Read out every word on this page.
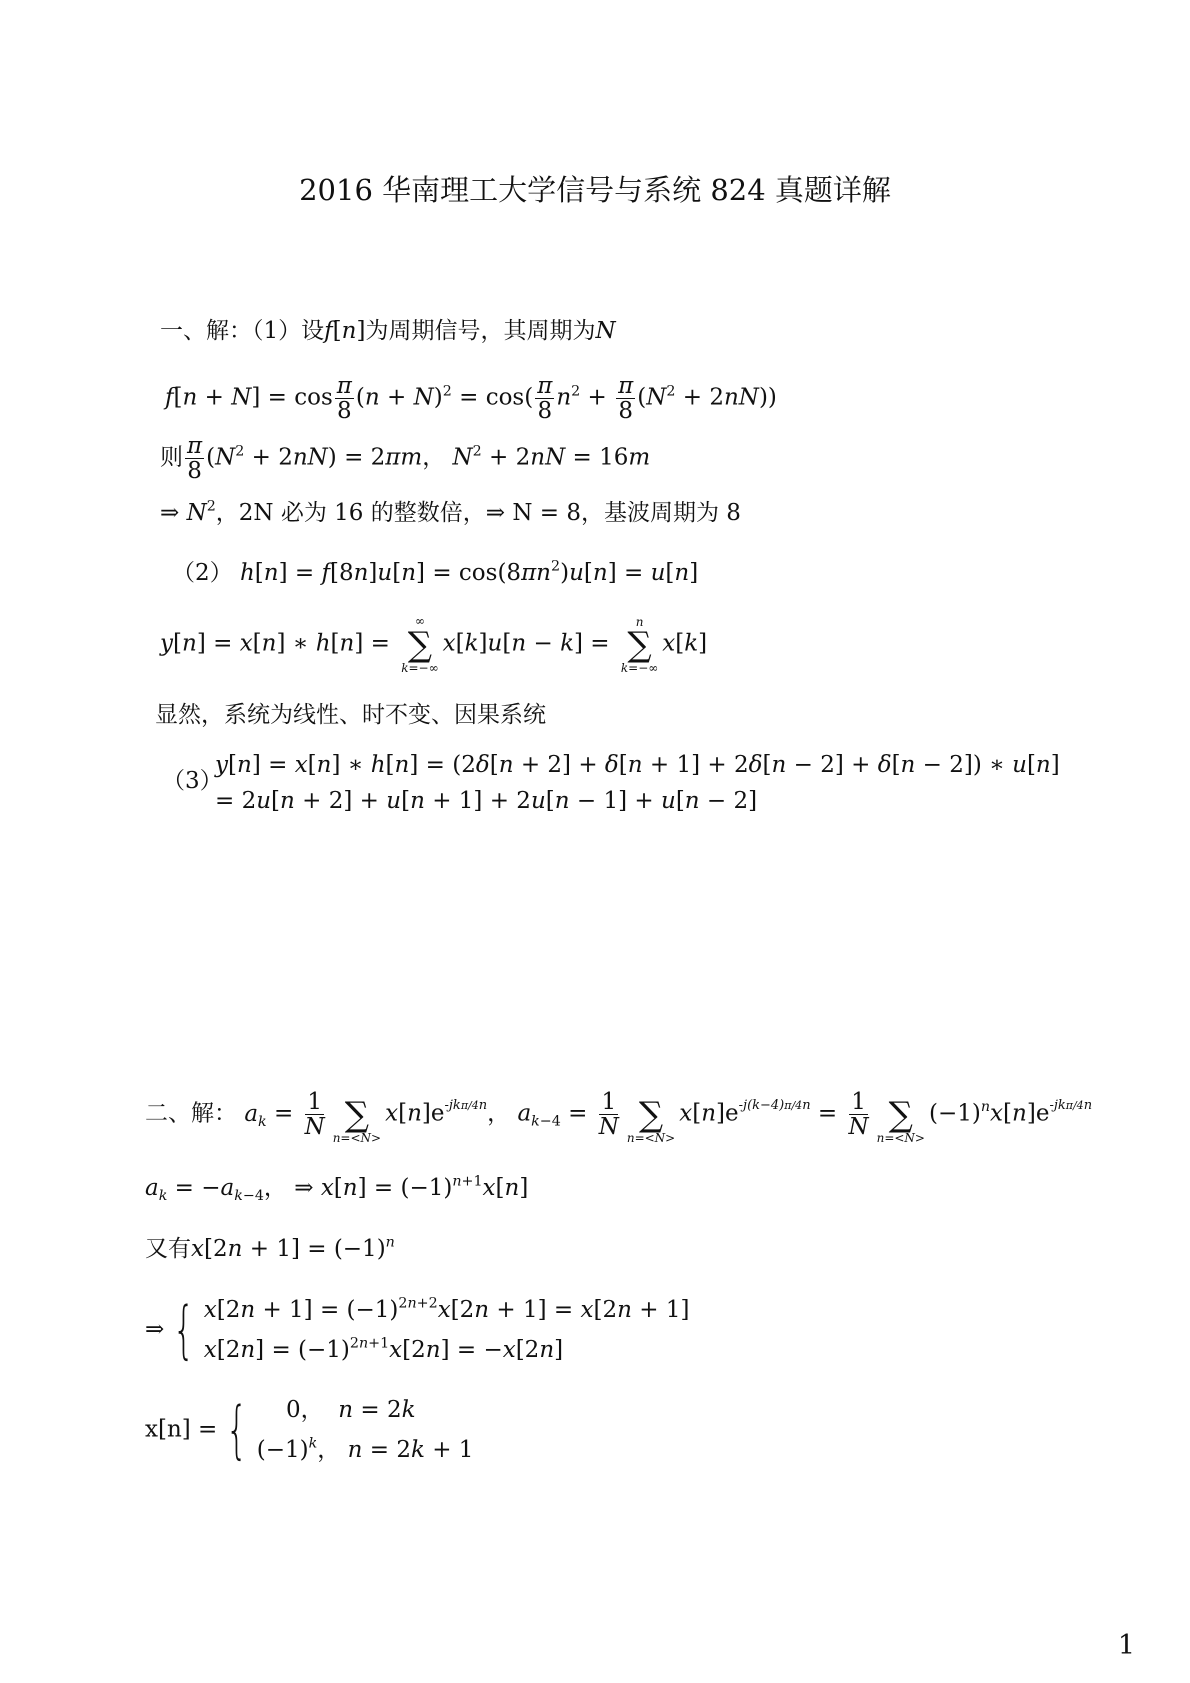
2016 华南理工大学信号与系统 824 真题详解
一、解：（1）设f[n]为周期信号，其周期为N
$f[n + N] = \cos \frac{\pi}{8} (n + N)^2 = \cos( \frac{\pi}{8} n^2 + \frac{\pi}{8} (N^2 + 2nN))$
则 $\frac{\pi}{8} (N^2 + 2nN) = 2\pi m$， $N^2 + 2nN = 16m$
⇒ $N^2$，2N 必为 16 的整数倍，⇒ N = 8，基波周期为 8
（2） $h[n] = f[8n]u[n] = \cos(8\pi n^2)u[n] = u[n]$
y[n] = x[n] ∗ h[n] =
∞
∑
k=−∞
x[k]u[n − k] =
n
∑
k=−∞
x[k]
显然，系统为线性、时不变、因果系统
（3）
y[n] = x[n] ∗ h[n] = (2δ[n + 2] + δ[n + 1] + 2δ[n − 2] + δ[n − 2]) ∗ u[n]
= 2u[n + 2] + u[n + 1] + 2u[n − 1] + u[n − 2]
二、解： $a_k = \frac{1}{N}$ ∑
n=<N>
$x[n]e^{-jk\pi/4n}$， $a_{k-4} = \frac{1}{N}$ ∑
n=<N>
$x[n]e^{-j(k-4)\pi/4n} = \frac{1}{N}$ ∑
n=<N>
$(-1)^nx[n]e^{-jk\pi/4n}$
$a_k = -a_{k-4}$， ⇒ $x[n] = (-1)^{n+1}x[n]$
又有$x[2n + 1] = (-1)^n$
⇒ { $x[2n + 1] = (-1)^{2n+2}x[2n + 1] = x[2n + 1]$
$x[2n] = (-1)^{2n+1}x[2n] = -x[2n]$
x[n] = { 0，  n = 2k
$(-1)^k$， n = 2k + 1
1
